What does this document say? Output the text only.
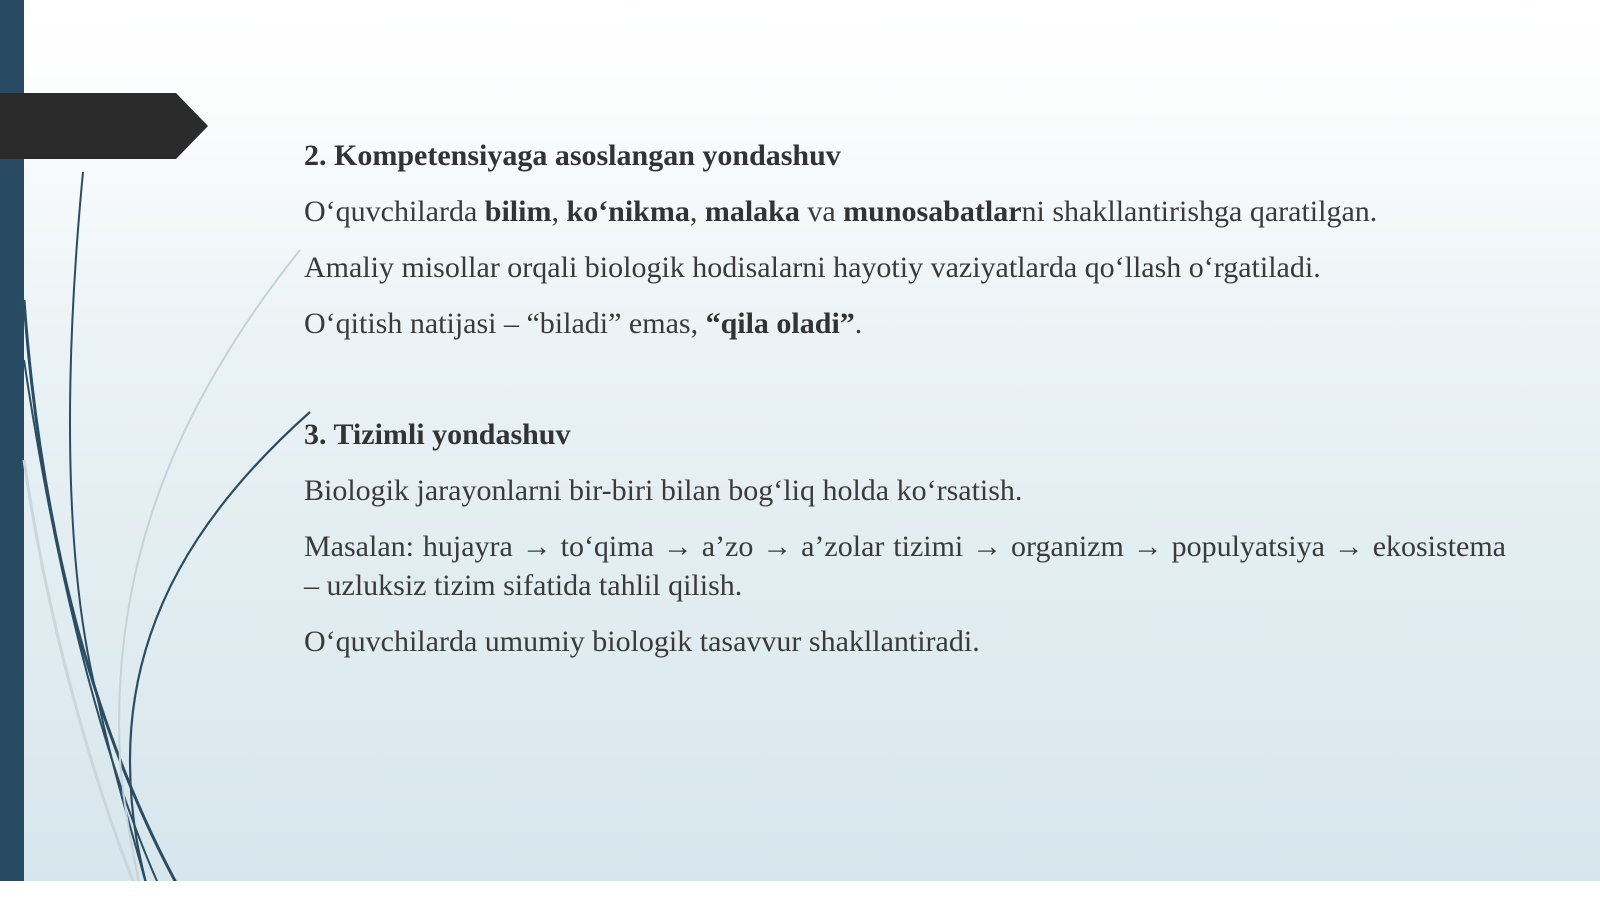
2. Kompetensiyaga asoslangan yondashuv
O‘quvchilarda bilim, ko‘nikma, malaka va munosabatlarni shakllantirishga qaratilgan.
Amaliy misollar orqali biologik hodisalarni hayotiy vaziyatlarda qo‘llash o‘rgatiladi.
O‘qitish natijasi – “biladi” emas, “qila oladi”.
3. Tizimli yondashuv
Biologik jarayonlarni bir-biri bilan bog‘liq holda ko‘rsatish.
Masalan: hujayra → to‘qima → a’zo → a’zolar tizimi → organizm → populyatsiya → ekosistema – uzluksiz tizim sifatida tahlil qilish.
O‘quvchilarda umumiy biologik tasavvur shakllantiradi.
